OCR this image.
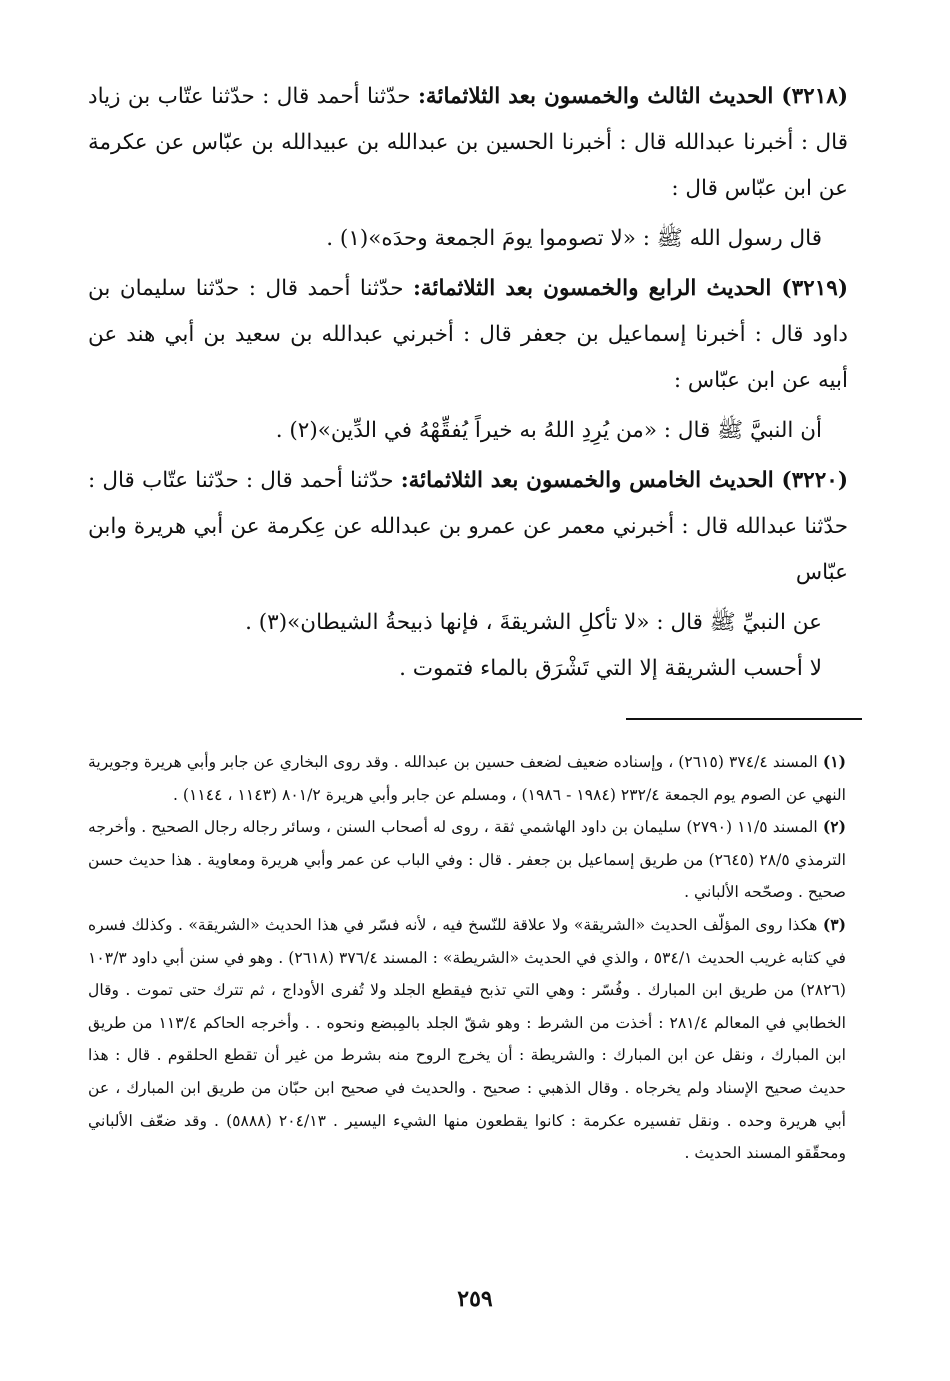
(٣٢١٨) الحديث الثالث والخمسون بعد الثلاثمائة: حدّثنا أحمد قال : حدّثنا عتّاب بن زياد قال : أخبرنا عبدالله قال : أخبرنا الحسين بن عبدالله بن عبيدالله بن عبّاس عن عكرمة عن ابن عبّاس قال :

قال رسول الله ﷺ : «لا تصوموا يومَ الجمعة وحدَه»(١) .

(٣٢١٩) الحديث الرابع والخمسون بعد الثلاثمائة: حدّثنا أحمد قال : حدّثنا سليمان بن داود قال : أخبرنا إسماعيل بن جعفر قال : أخبرني عبدالله بن سعيد بن أبي هند عن أبيه عن ابن عبّاس :

أن النبيَّ ﷺ قال : «من يُرِدِ اللهُ به خيراً يُفقِّهْهُ في الدِّين»(٢) .

(٣٢٢٠) الحديث الخامس والخمسون بعد الثلاثمائة: حدّثنا أحمد قال : حدّثنا عتّاب قال : حدّثنا عبدالله قال : أخبرني معمر عن عمرو بن عبدالله عن عِكرمة عن أبي هريرة وابن عبّاس

عن النبيِّ ﷺ قال : «لا تأكلِ الشريقةَ ، فإنها ذبيحةُ الشيطان»(٣) .

لا أحسب الشريقة إلا التي تَشْرَق بالماء فتموت .

(١) المسند ٣٧٤/٤ (٢٦١٥) ، وإسناده ضعيف لضعف حسين بن عبدالله . وقد روى البخاري عن جابر وأبي هريرة وجويرية النهي عن الصوم يوم الجمعة ٢٣٢/٤ (١٩٨٤ - ١٩٨٦) ، ومسلم عن جابر وأبي هريرة ٨٠١/٢ (١١٤٣ ، ١١٤٤) .

(٢) المسند ١١/٥ (٢٧٩٠) سليمان بن داود الهاشمي ثقة ، روى له أصحاب السنن ، وسائر رجاله رجال الصحيح . وأخرجه الترمذي ٢٨/٥ (٢٦٤٥) من طريق إسماعيل بن جعفر . قال : وفي الباب عن عمر وأبي هريرة ومعاوية . هذا حديث حسن صحيح . وصحّحه الألباني .

(٣) هكذا روى المؤلّف الحديث «الشريقة» ولا علاقة للنّسخ فيه ، لأنه فسّر في هذا الحديث «الشريقة» . وكذلك فسره في كتابه غريب الحديث ٥٣٤/١ ، والذي في الحديث «الشريطة» : المسند ٣٧٦/٤ (٢٦١٨) . وهو في سنن أبي داود ١٠٣/٣ (٢٨٢٦) من طريق ابن المبارك . وفُسّر : وهي التي تذبح فيقطع الجلد ولا تُفرى الأوداج ، ثم تترك حتى تموت . وقال الخطابي في المعالم ٢٨١/٤ : أخذت من الشرط : وهو شقّ الجلد بالمِبضع ونحوه . . وأخرجه الحاكم ١١٣/٤ من طريق ابن المبارك ، ونقل عن ابن المبارك : والشريطة : أن يخرج الروح منه بشرط من غير أن تقطع الحلقوم . قال : هذا حديث صحيح الإسناد ولم يخرجاه . وقال الذهبي : صحيح . والحديث في صحيح ابن حبّان من طريق ابن المبارك ، عن أبي هريرة وحده . ونقل تفسيره عكرمة : كانوا يقطعون منها الشيء اليسير . ٢٠٤/١٣ (٥٨٨٨) . وقد ضعّف الألباني ومحقّقو المسند الحديث .

٢٥٩
